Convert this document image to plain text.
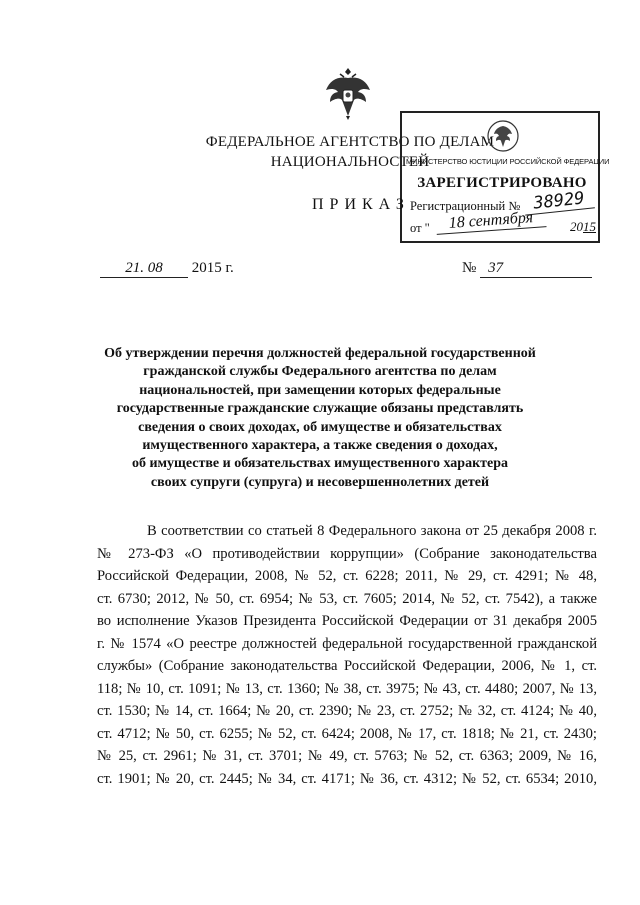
ФЕДЕРАЛЬНОЕ АГЕНТСТВО ПО ДЕЛАМ
НАЦИОНАЛЬНОСТЕЙ
МИНИСТЕРСТВО ЮСТИЦИИ РОССИЙСКОЙ ФЕДЕРАЦИИ
ЗАРЕГИСТРИРОВАНО
Регистрационный № 38929
от "	18 сентября	2015
ПРИКАЗ
21. 08 2015 г.	№ 37
Об утверждении перечня должностей федеральной государственной
гражданской службы Федерального агентства по делам
национальностей, при замещении которых федеральные
государственные гражданские служащие обязаны представлять
сведения о своих доходах, об имуществе и обязательствах
имущественного характера, а также сведения о доходах,
об имуществе и обязательствах имущественного характера
своих супруги (супруга) и несовершеннолетних детей
В соответствии со статьей 8 Федерального закона от 25 декабря 2008 г.
№ 273-ФЗ «О противодействии коррупции» (Собрание законодательства
Российской Федерации, 2008, № 52, ст. 6228; 2011, № 29, ст. 4291; № 48,
ст. 6730; 2012, № 50, ст. 6954; № 53, ст. 7605; 2014, № 52, ст. 7542), а также
во исполнение Указов Президента Российской Федерации от 31 декабря 2005
г. № 1574 «О реестре должностей федеральной государственной гражданской
службы» (Собрание законодательства Российской Федерации, 2006, № 1, ст.
118; № 10, ст. 1091; № 13, ст. 1360; № 38, ст. 3975; № 43, ст. 4480; 2007, № 13,
ст. 1530; № 14, ст. 1664; № 20, ст. 2390; № 23, ст. 2752; № 32, ст. 4124; № 40,
ст. 4712; № 50, ст. 6255; № 52, ст. 6424; 2008, № 17, ст. 1818; № 21, ст. 2430;
№ 25, ст. 2961; № 31, ст. 3701; № 49, ст. 5763; № 52, ст. 6363; 2009, № 16,
ст. 1901; № 20, ст. 2445; № 34, ст. 4171; № 36, ст. 4312; № 52, ст. 6534; 2010,
